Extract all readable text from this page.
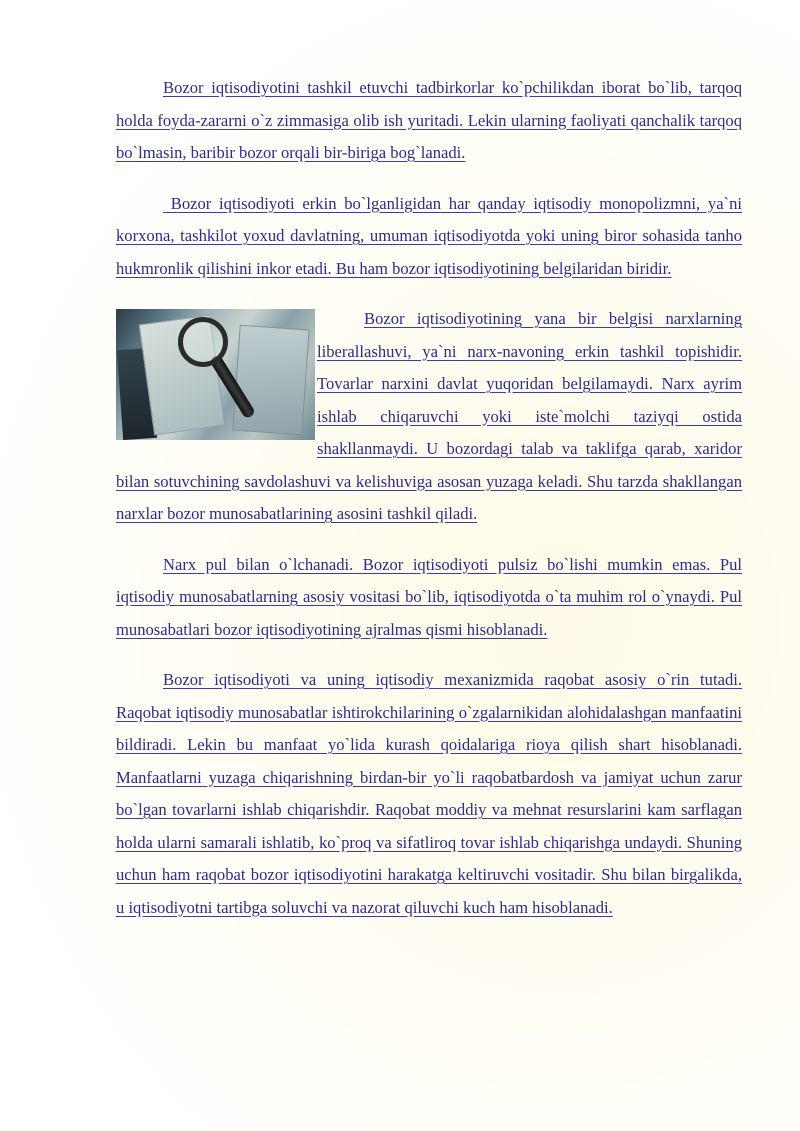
Bozor iqtisodiyotini tashkil etuvchi tadbirkorlar ko`pchilikdan iborat bo`lib, tarqoq holda foyda-zararni o`z zimmasiga olib ish yuritadi. Lekin ularning faoliyati qanchalik tarqoq bo`lmasin, baribir bozor orqali bir-biriga bog`lanadi.

Bozor iqtisodiyoti erkin bo`lganligidan har qanday iqtisodiy monopolizmni, ya`ni korxona, tashkilot yoxud davlatning, umuman iqtisodiyotda yoki uning biror sohasida tanho hukmronlik qilishini inkor etadi. Bu ham bozor iqtisodiyotining belgilaridan biridir.

Bozor iqtisodiyotining yana bir belgisi narxlarning liberallashuvi, ya`ni narx-navoning erkin tashkil topishidir. Tovarlar narxini davlat yuqoridan belgilamaydi. Narx ayrim ishlab chiqaruvchi yoki iste`molchi taziyqi ostida shakllanmaydi. U bozordagi talab va taklifga qarab, xaridor bilan sotuvchining savdolashuvi va kelishuviga asosan yuzaga keladi. Shu tarzda shakllangan narxlar bozor munosabatlarining asosini tashkil qiladi.

Narx pul bilan o`lchanadi. Bozor iqtisodiyoti pulsiz bo`lishi mumkin emas. Pul iqtisodiy munosabatlarning asosiy vositasi bo`lib, iqtisodiyotda o`ta muhim rol o`ynaydi. Pul munosabatlari bozor iqtisodiyotining ajralmas qismi hisoblanadi.

Bozor iqtisodiyoti va uning iqtisodiy mexanizmida raqobat asosiy o`rin tutadi. Raqobat iqtisodiy munosabatlar ishtirokchilarining o`zgalarnikidan alohidalashgan manfaatini bildiradi. Lekin bu manfaat yo`lida kurash qoidalariga rioya qilish shart hisoblanadi. Manfaatlarni yuzaga chiqarishning birdan-bir yo`li raqobatbardosh va jamiyat uchun zarur bo`lgan tovarlarni ishlab chiqarishdir. Raqobat moddiy va mehnat resurslarini kam sarflagan holda ularni samarali ishlatib, ko`proq va sifatliroq tovar ishlab chiqarishga undaydi. Shuning uchun ham raqobat bozor iqtisodiyotini harakatga keltiruvchi vositadir. Shu bilan birgalikda, u iqtisodiyotni tartibga soluvchi va nazorat qiluvchi kuch ham hisoblanadi.
